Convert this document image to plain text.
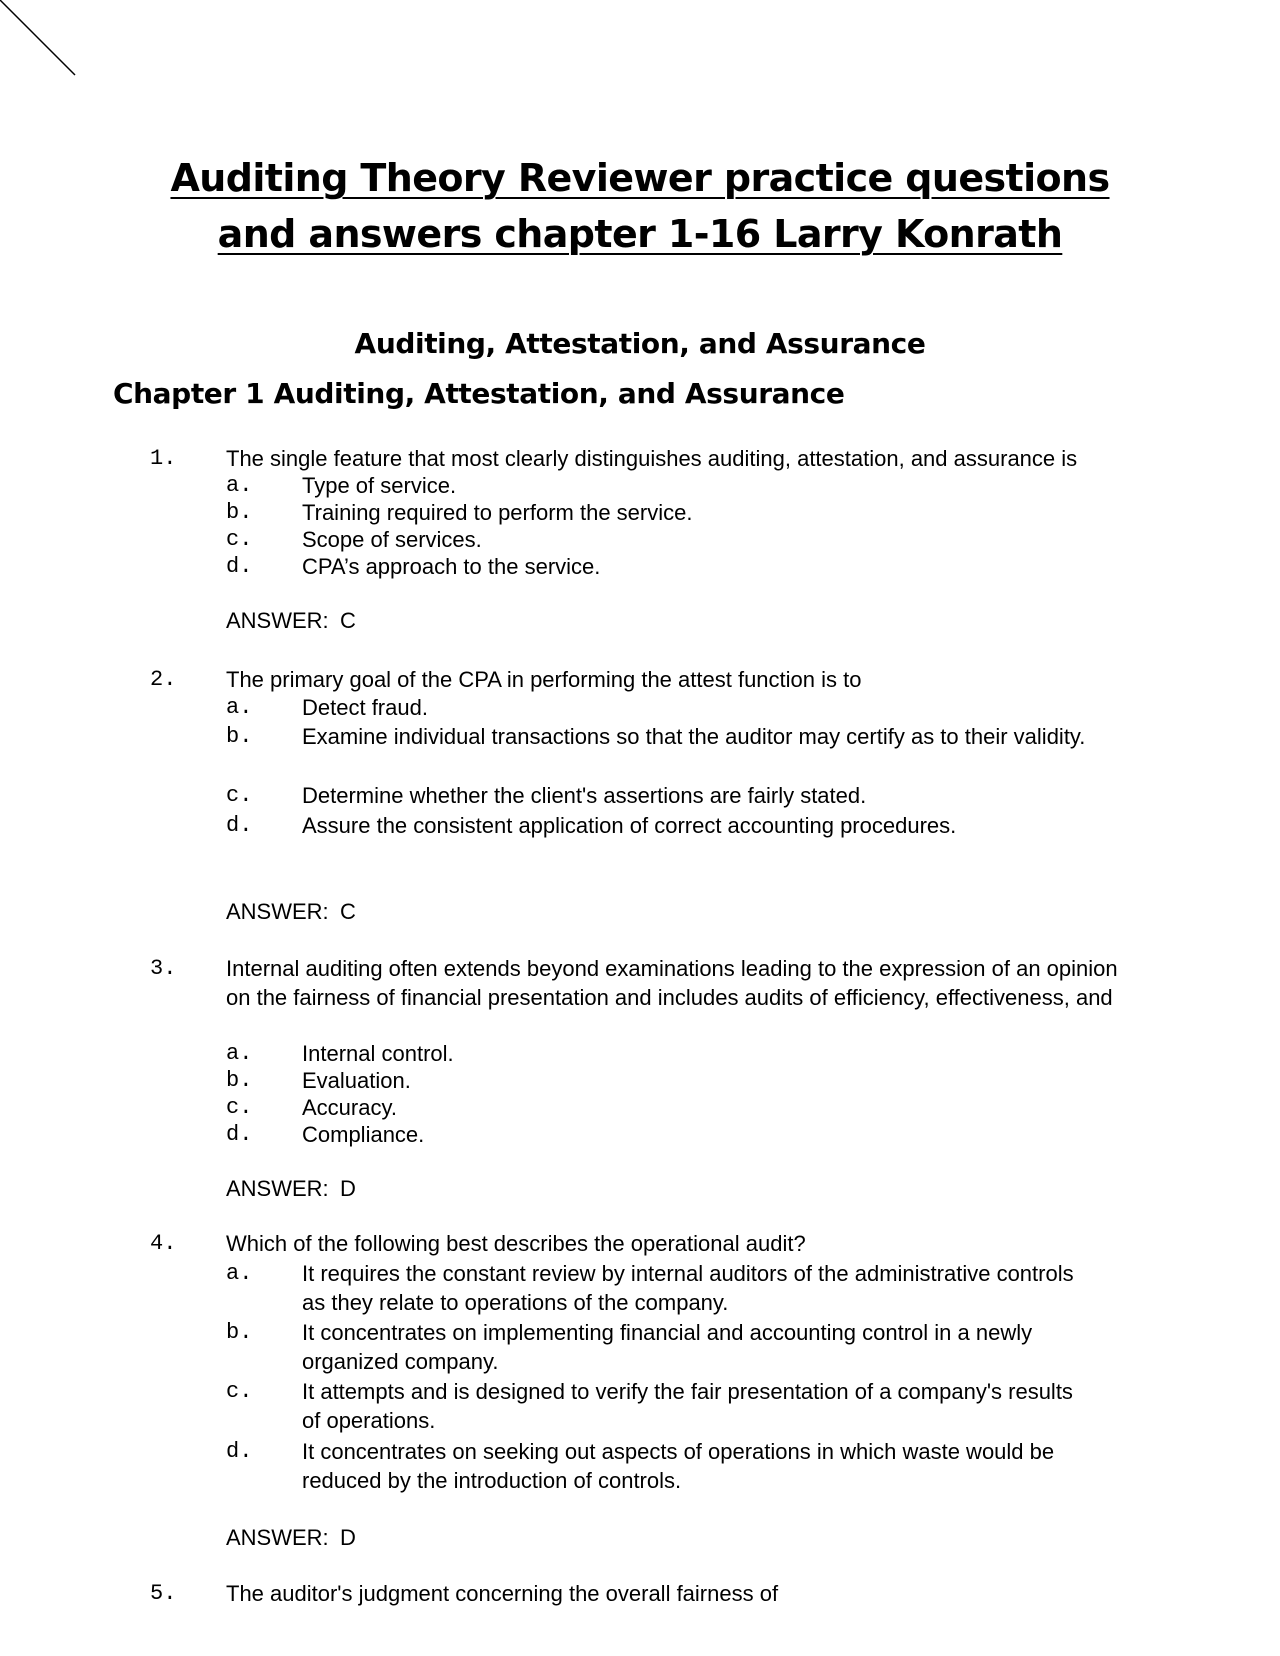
Auditing Theory Reviewer practice questions
and answers chapter 1-16 Larry Konrath
Auditing, Attestation, and Assurance
Chapter 1 Auditing, Attestation, and Assurance
1. The single feature that most clearly distinguishes auditing, attestation, and assurance is
a. Type of service.
b. Training required to perform the service.
c. Scope of services.
d. CPA’s approach to the service.
ANSWER: C
2. The primary goal of the CPA in performing the attest function is to
a. Detect fraud.
b. Examine individual transactions so that the auditor may certify as to their validity.
c. Determine whether the client's assertions are fairly stated.
d. Assure the consistent application of correct accounting procedures.
ANSWER: C
3. Internal auditing often extends beyond examinations leading to the expression of an opinion on the fairness of financial presentation and includes audits of efficiency, effectiveness, and
a. Internal control.
b. Evaluation.
c. Accuracy.
d. Compliance.
ANSWER: D
4. Which of the following best describes the operational audit?
a. It requires the constant review by internal auditors of the administrative controls as they relate to operations of the company.
b. It concentrates on implementing financial and accounting control in a newly organized company.
c. It attempts and is designed to verify the fair presentation of a company's results of operations.
d. It concentrates on seeking out aspects of operations in which waste would be reduced by the introduction of controls.
ANSWER: D
5. The auditor's judgment concerning the overall fairness of
